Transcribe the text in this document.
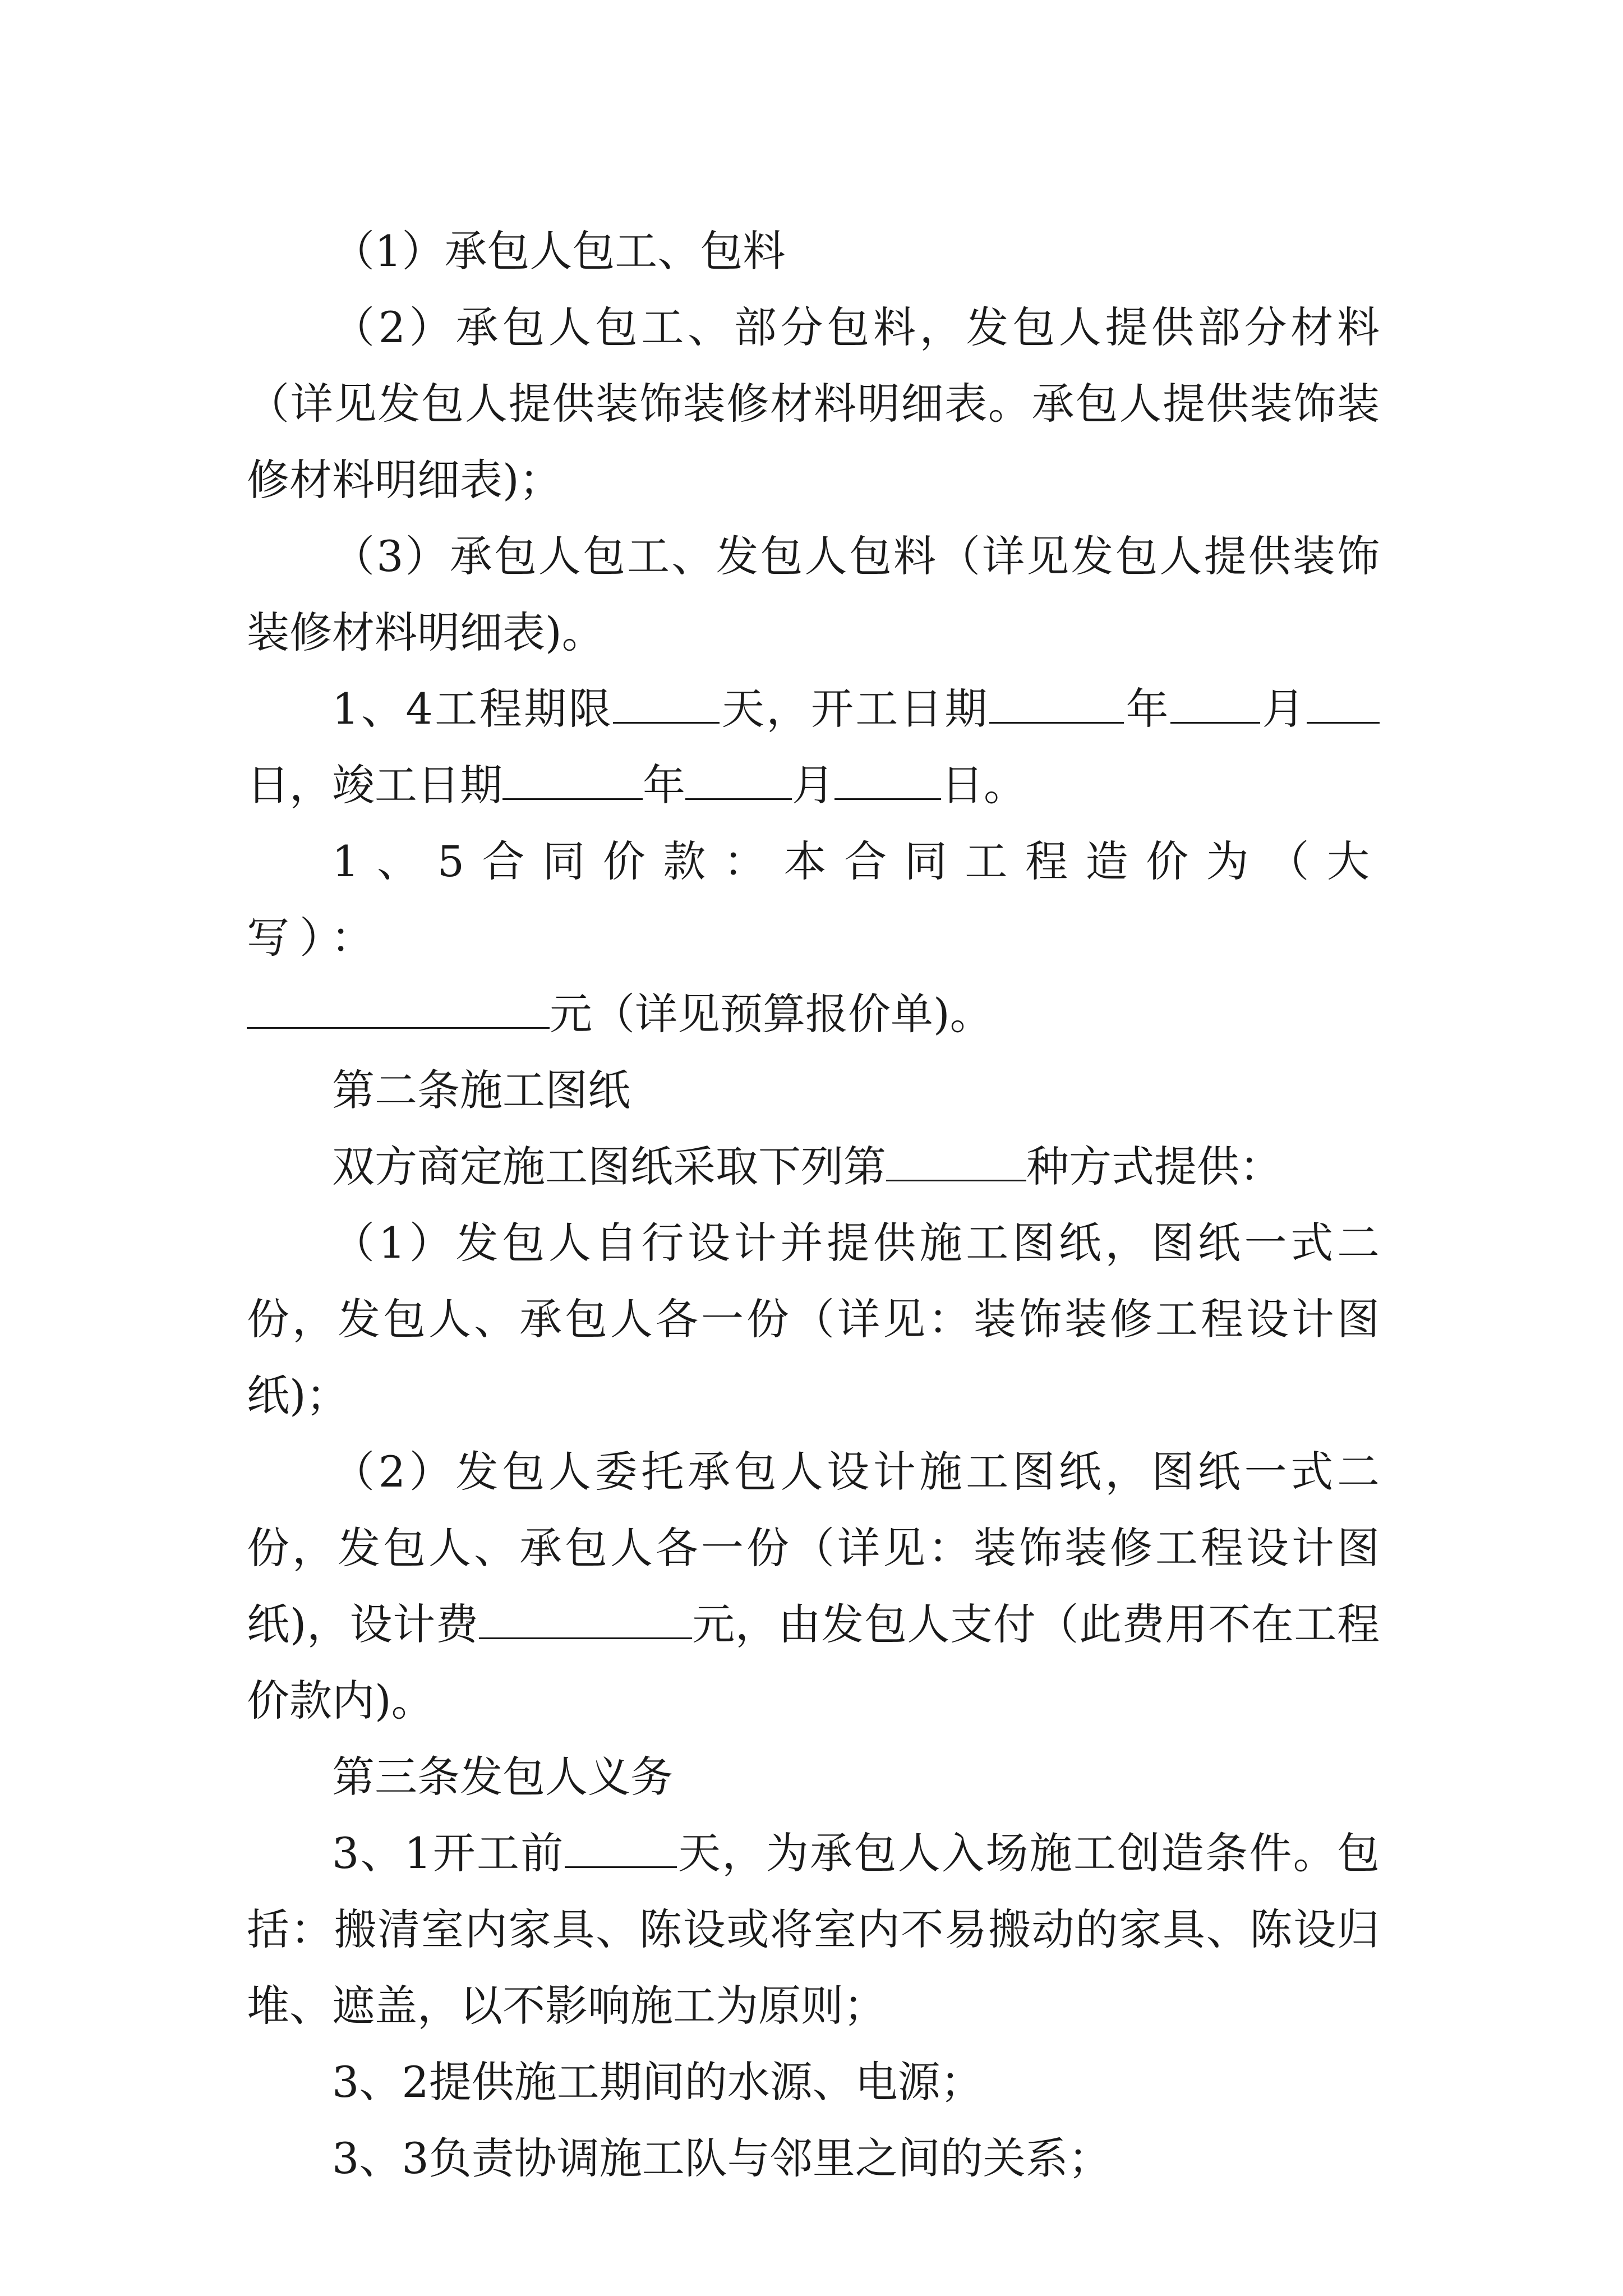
（1）承包人包工、包料

（2）承包人包工、部分包料，发包人提供部分材料（详见发包人提供装饰装修材料明细表。承包人提供装饰装修材料明细表)；

（3）承包人包工、发包人包料（详见发包人提供装饰装修材料明细表)。

1、4工程期限	天，开工日期	年 月日，竣工日期	年	月	日。

1、5合同价款：本合同工程造价为（大写）：

元（详见预算报价单)。

第二条施工图纸

双方商定施工图纸采取下列第	种方式提供：

（1）发包人自行设计并提供施工图纸，图纸一式二份，发包人、承包人各一份（详见：装饰装修工程设计图纸)；

（2）发包人委托承包人设计施工图纸，图纸一式二份，发包人、承包人各一份（详见：装饰装修工程设计图纸)，设计费	元，由发包人支付（此费用不在工程价款内)。

第三条发包人义务

3、1开工前	天，为承包人入场施工创造条件。包括：搬清室内家具、陈设或将室内不易搬动的家具、陈设归堆、遮盖，以不影响施工为原则；

3、2提供施工期间的水源、电源；

3、3负责协调施工队与邻里之间的关系；
